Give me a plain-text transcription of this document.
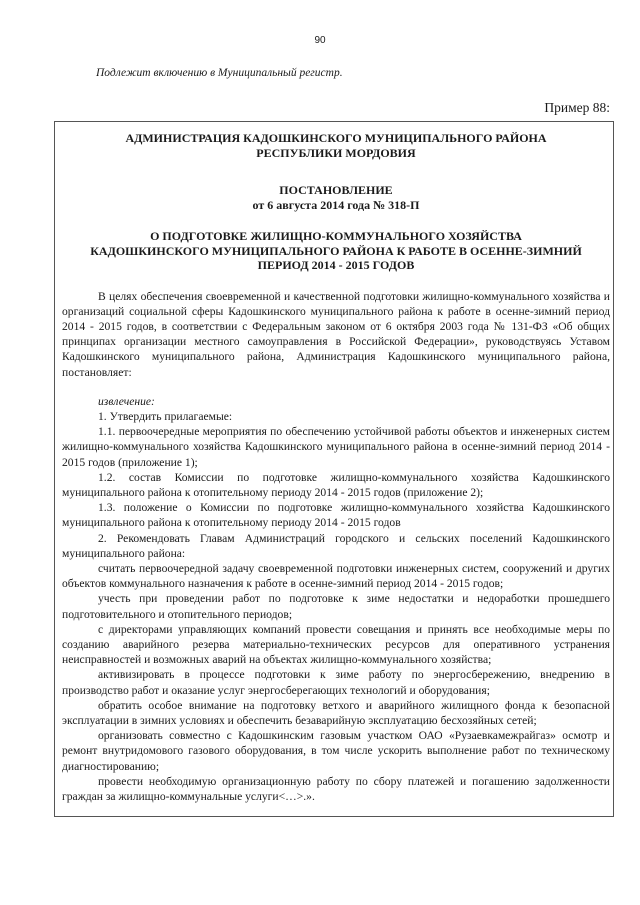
90
Подлежит включению в Муниципальный регистр.
Пример 88:

АДМИНИСТРАЦИЯ КАДОШКИНСКОГО МУНИЦИПАЛЬНОГО РАЙОНА
РЕСПУБЛИКИ МОРДОВИЯ

ПОСТАНОВЛЕНИЕ
от 6 августа 2014 года № 318-П

О ПОДГОТОВКЕ ЖИЛИЩНО-КОММУНАЛЬНОГО ХОЗЯЙСТВА
КАДОШКИНСКОГО МУНИЦИПАЛЬНОГО РАЙОНА К РАБОТЕ В ОСЕННЕ-ЗИМНИЙ
ПЕРИОД 2014 - 2015 ГОДОВ

В целях обеспечения своевременной и качественной подготовки жилищно-коммунального хозяйства и организаций социальной сферы Кадошкинского муниципального района к работе в осенне-зимний период 2014 - 2015 годов, в соответствии с Федеральным законом от 6 октября 2003 года № 131-ФЗ «Об общих принципах организации местного самоуправления в Российской Федерации», руководствуясь Уставом Кадошкинского муниципального района, Администрация Кадошкинского муниципального района, постановляет:

извлечение:

1. Утвердить прилагаемые:

1.1. первоочередные мероприятия по обеспечению устойчивой работы объектов и инженерных систем жилищно-коммунального хозяйства Кадошкинского муниципального района в осенне-зимний период 2014 - 2015 годов (приложение 1);

1.2. состав Комиссии по подготовке жилищно-коммунального хозяйства Кадошкинского муниципального района к отопительному периоду 2014 - 2015 годов (приложение 2);

1.3. положение о Комиссии по подготовке жилищно-коммунального хозяйства Кадошкинского муниципального района к отопительному периоду 2014 - 2015 годов

2. Рекомендовать Главам Администраций городского и сельских поселений Кадошкинского муниципального района:

считать первоочередной задачу своевременной подготовки инженерных систем, сооружений и других объектов коммунального назначения к работе в осенне-зимний период 2014 - 2015 годов;

учесть при проведении работ по подготовке к зиме недостатки и недоработки прошедшего подготовительного и отопительного периодов;

с директорами управляющих компаний провести совещания и принять все необходимые меры по созданию аварийного резерва материально-технических ресурсов для оперативного устранения неисправностей и возможных аварий на объектах жилищно-коммунального хозяйства;

активизировать в процессе подготовки к зиме работу по энергосбережению, внедрению в производство работ и оказание услуг энергосберегающих технологий и оборудования;

обратить особое внимание на подготовку ветхого и аварийного жилищного фонда к безопасной эксплуатации в зимних условиях и обеспечить безаварийную эксплуатацию бесхозяйных сетей;

организовать совместно с Кадошкинским газовым участком ОАО «Рузаевкамежрайгаз» осмотр и ремонт внутридомового газового оборудования, в том числе ускорить выполнение работ по техническому диагностированию;

провести необходимую организационную работу по сбору платежей и погашению задолженности граждан за жилищно-коммунальные услуги<…>.».
